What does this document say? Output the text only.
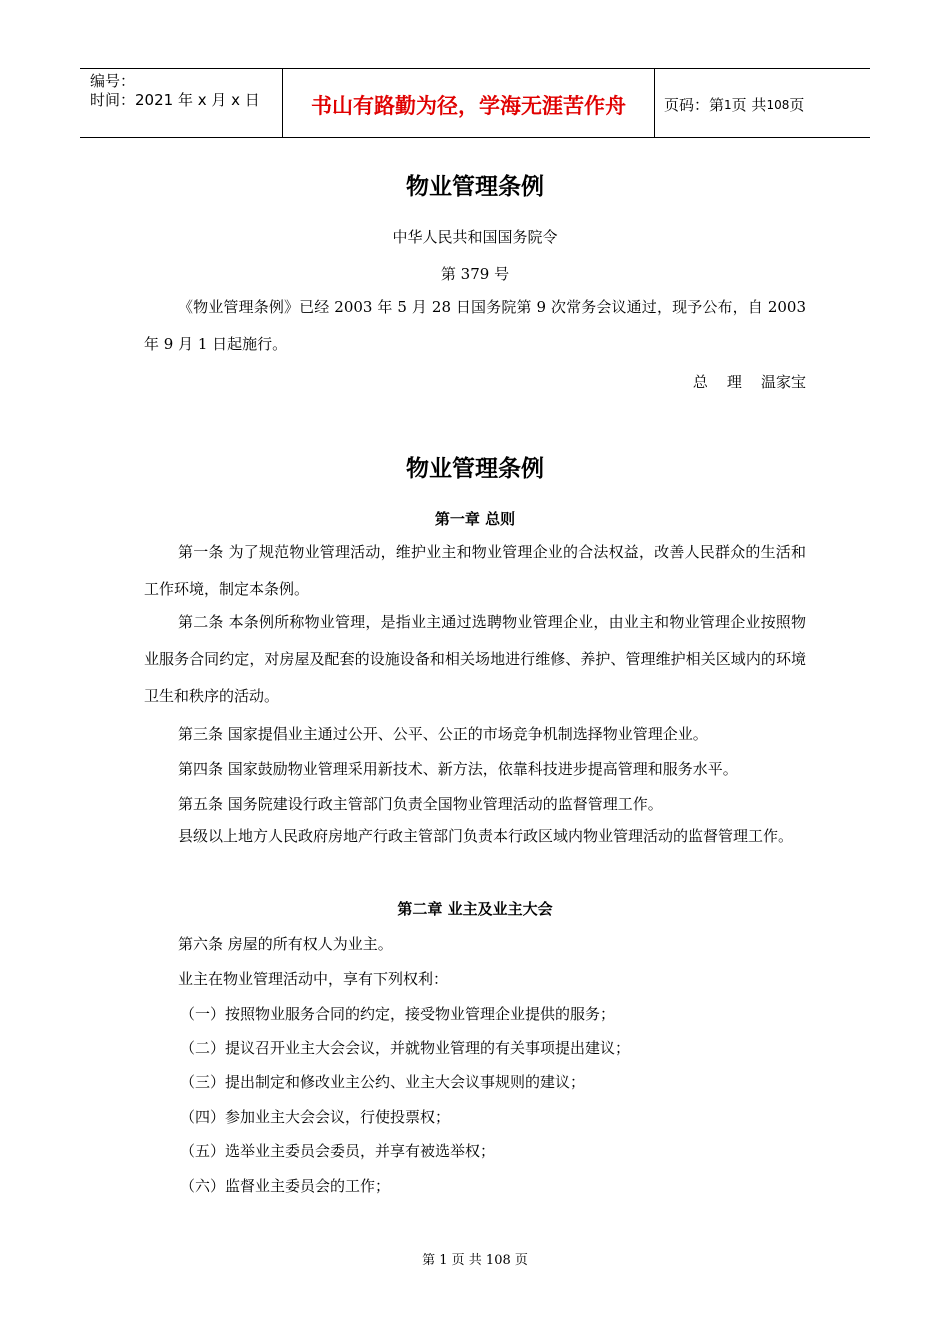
编号：
时间：2021 年 x 月 x 日	书山有路勤为径，学海无涯苦作舟	页码：第 1 页 共 108 页
物业管理条例
中华人民共和国国务院令
第 379 号
《物业管理条例》已经 2003 年 5 月 28 日国务院第 9 次常务会议通过，现予公布，自 2003 年 9 月 1 日起施行。
总    理    温家宝
物业管理条例
第一章 总则
第一条 为了规范物业管理活动，维护业主和物业管理企业的合法权益，改善人民群众的生活和工作环境，制定本条例。
第二条 本条例所称物业管理，是指业主通过选聘物业管理企业，由业主和物业管理企业按照物业服务合同约定，对房屋及配套的设施设备和相关场地进行维修、养护、管理维护相关区域内的环境卫生和秩序的活动。
第三条 国家提倡业主通过公开、公平、公正的市场竞争机制选择物业管理企业。
第四条 国家鼓励物业管理采用新技术、新方法，依靠科技进步提高管理和服务水平。
第五条 国务院建设行政主管部门负责全国物业管理活动的监督管理工作。
县级以上地方人民政府房地产行政主管部门负责本行政区域内物业管理活动的监督管理工作。
第二章 业主及业主大会
第六条 房屋的所有权人为业主。
业主在物业管理活动中，享有下列权利：
（一）按照物业服务合同的约定，接受物业管理企业提供的服务；
（二）提议召开业主大会会议，并就物业管理的有关事项提出建议；
（三）提出制定和修改业主公约、业主大会议事规则的建议；
（四）参加业主大会会议，行使投票权；
（五）选举业主委员会委员，并享有被选举权；
（六）监督业主委员会的工作；
第 1 页 共 108 页
